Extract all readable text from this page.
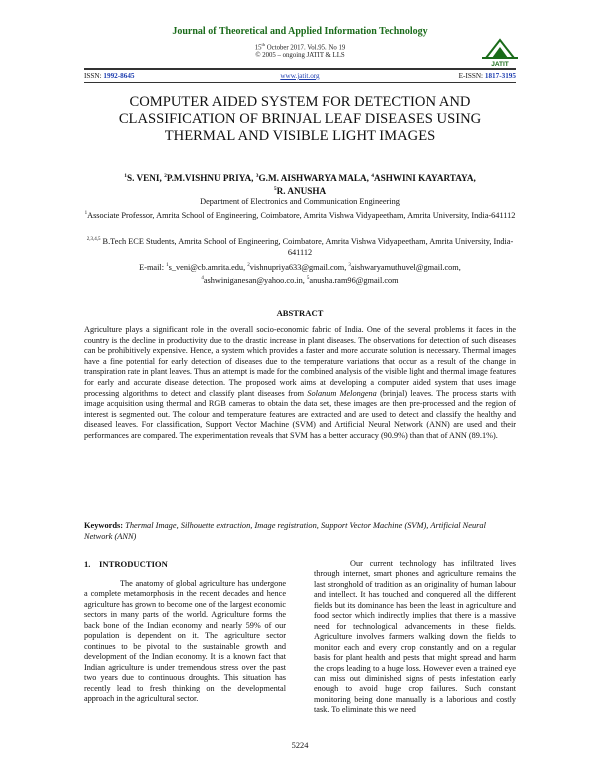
Journal of Theoretical and Applied Information Technology
15th October 2017. Vol.95. No 19
© 2005 – ongoing JATIT & LLS
JATIT
ISSN: 1992-8645	www.jatit.org	E-ISSN: 1817-3195
COMPUTER AIDED SYSTEM FOR DETECTION AND CLASSIFICATION OF BRINJAL LEAF DISEASES USING THERMAL AND VISIBLE LIGHT IMAGES
$^1$S. VENI, $^2$P.M.VISHNU PRIYA, $^3$G.M. AISHWARYA MALA, $^4$ASHWINI KAYARTAYA,
$^5$R. ANUSHA
Department of Electronics and Communication Engineering
$^1$Associate Professor, Amrita School of Engineering, Coimbatore, Amrita Vishwa Vidyapeetham, Amrita University, India-641112
$^{2,3,4,5}$ B.Tech ECE Students, Amrita School of Engineering, Coimbatore, Amrita Vishwa Vidyapeetham, Amrita University, India-641112
E-mail: $^1$s_veni@cb.amrita.edu, $^2$vishnupriya633@gmail.com, $^3$aishwaryamuthuvel@gmail.com,
$^4$ashwiniganesan@yahoo.co.in, $^5$anusha.ram96@gmail.com
ABSTRACT
Agriculture plays a significant role in the overall socio-economic fabric of India. One of the several problems it faces in the country is the decline in productivity due to the drastic increase in plant diseases. The observations for detection of such diseases can be prohibitively expensive. Hence, a system which provides a faster and more accurate solution is necessary. Thermal images have a fine potential for early detection of diseases due to the temperature variations that occur as a result of the change in transpiration rate in plant leaves. Thus an attempt is made for the combined analysis of the visible light and thermal image features for early and accurate disease detection. The proposed work aims at developing a computer aided system that uses image processing algorithms to detect and classify plant diseases from Solanum Melongena (brinjal) leaves. The process starts with image acquisition using thermal and RGB cameras to obtain the data set, these images are then pre-processed and the region of interest is segmented out. The colour and temperature features are extracted and are used to detect and classify the healthy and diseased leaves. For classification, Support Vector Machine (SVM) and Artificial Neural Network (ANN) are used and their performances are compared. The experimentation reveals that SVM has a better accuracy (90.9%) than that of ANN (89.1%).
Keywords: Thermal Image, Silhouette extraction, Image registration, Support Vector Machine (SVM), Artificial Neural Network (ANN)
1. INTRODUCTION

The anatomy of global agriculture has undergone a complete metamorphosis in the recent decades and hence agriculture has grown to become one of the largest economic sectors in many parts of the world. Agriculture forms the back bone of the Indian economy and nearly 59% of our population is dependent on it. The agriculture sector continues to be pivotal to the sustainable growth and development of the Indian economy. It is a known fact that Indian agriculture is under tremendous stress over the past two years due to continuous droughts. This situation has recently lead to fresh thinking on the developmental approach in the agricultural sector.

Our current technology has infiltrated lives through internet, smart phones and agriculture remains the last stronghold of tradition as an originality of human labour and intellect. It has touched and conquered all the different fields but its dominance has been the least in agriculture and food sector which indirectly implies that there is a massive need for technological advancements in these fields. Agriculture involves farmers walking down the fields to monitor each and every crop constantly and on a regular basis for plant health and pests that might spread and harm the crops leading to a huge loss. However even a trained eye can miss out diminished signs of pests infestation early enough to avoid huge crop failures. Such constant monitoring being done manually is a laborious and costly task. To eliminate this we need

5224
